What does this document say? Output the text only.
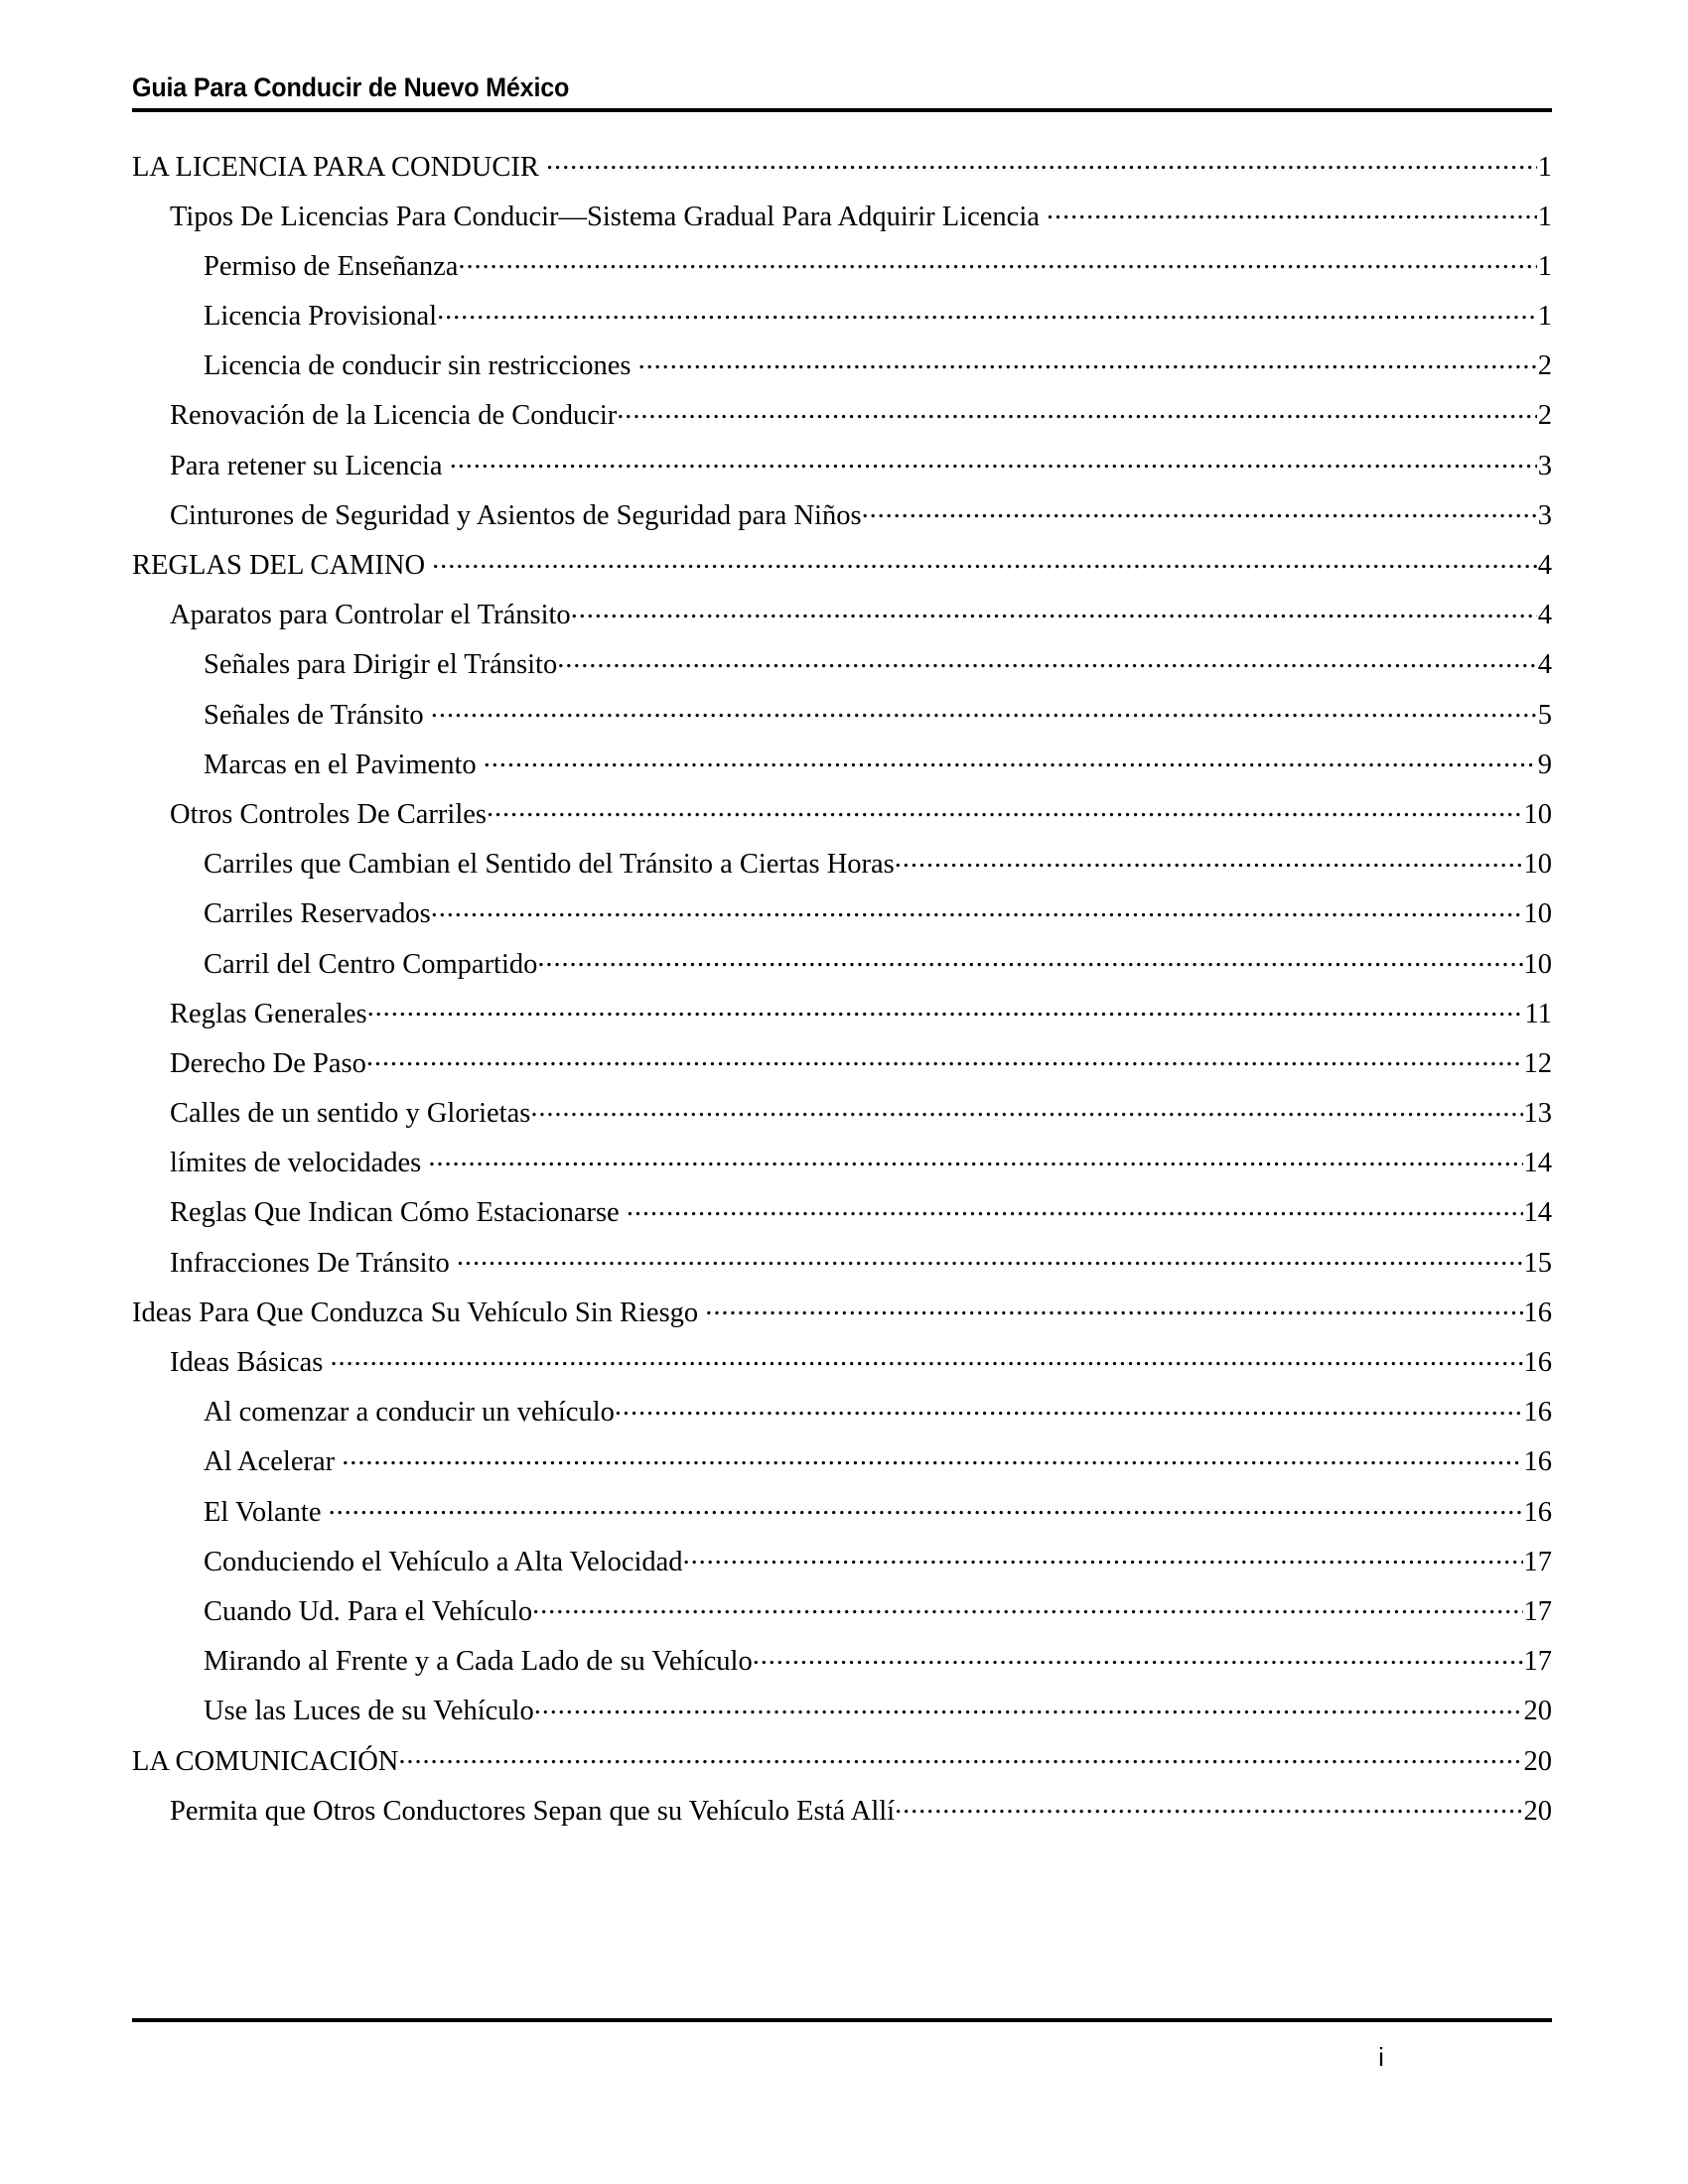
Guia Para Conducir de Nuevo México
LA LICENCIA PARA CONDUCIR
.....	1
Tipos De Licencias Para Conducir—Sistema Gradual Para Adquirir Licencia
.....	1
Permiso de Enseñanza .....	1
Licencia Provisional .....	1
Licencia de conducir sin restricciones
.....	2
Renovación de la Licencia de Conducir .....	2
Para retener su Licencia
.....	3
Cinturones de Seguridad y Asientos de Seguridad para Niños .....	3
REGLAS DEL CAMINO
.....	4
Aparatos para Controlar el Tránsito .....	4
Señales para Dirigir el Tránsito .....	4
Señales de Tránsito
.....	5
Marcas en el Pavimento
.....	9
Otros Controles De Carriles .....	10
Carriles que Cambian el Sentido del Tránsito a Ciertas Horas .....	10
Carriles Reservados .....	10
Carril del Centro Compartido .....	10
Reglas Generales .....	11
Derecho De Paso .....	12
Calles de un sentido y Glorietas .....	13
límites de velocidades
.....	14
Reglas Que Indican Cómo Estacionarse
.....	14
Infracciones De Tránsito
.....	15
Ideas Para Que Conduzca Su Vehículo Sin Riesgo
.....	16
Ideas Básicas
.....	16
Al comenzar a conducir un vehículo .....	16
Al Acelerar
.....	16
El Volante
.....	16
Conduciendo el Vehículo a Alta Velocidad .....	17
Cuando Ud. Para el Vehículo .....	17
Mirando al Frente y a Cada Lado de su Vehículo .....	17
Use las Luces de su Vehículo .....	20
LA COMUNICACIÓN .....	20
Permita que Otros Conductores Sepan que su Vehículo Está Allí .....	20
i
